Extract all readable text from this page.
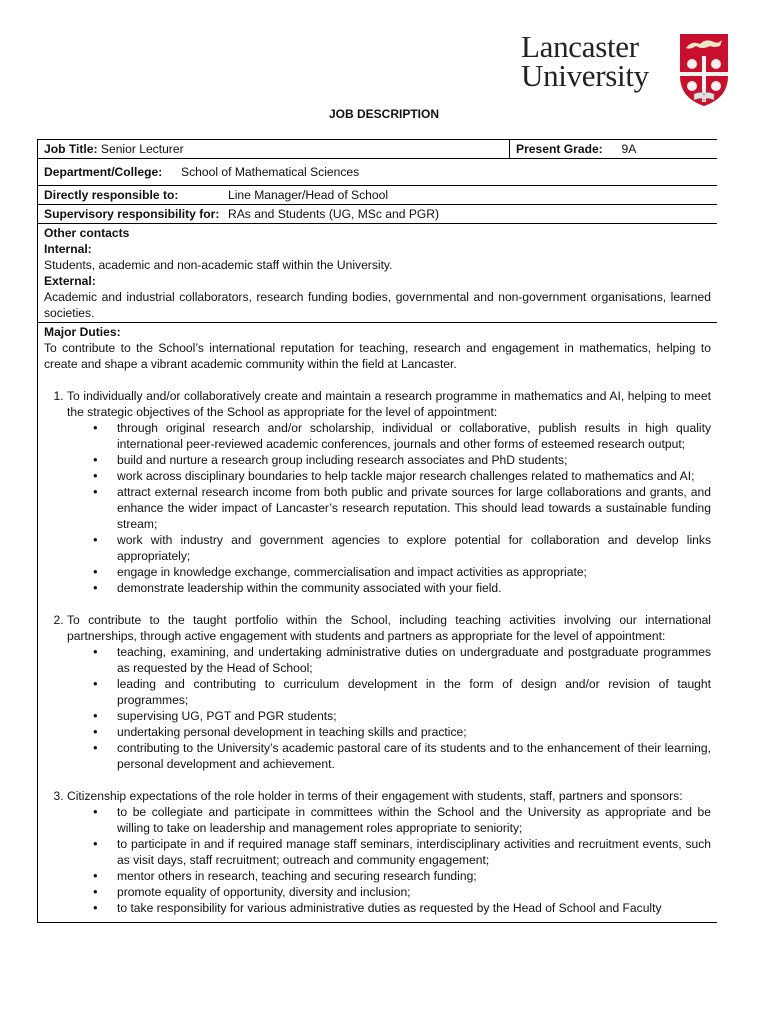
Lancaster
University
JOB DESCRIPTION
Job Title: Senior Lecturer	Present Grade: 9A
Department/College: School of Mathematical Sciences
Directly responsible to:	Line Manager/Head of School
Supervisory responsibility for: RAs and Students (UG, MSc and PGR)

Other contacts
Internal:
Students, academic and non-academic staff within the University.
External:
Academic and industrial collaborators, research funding bodies, governmental and non-government organisations, learned societies.

Major Duties:
To contribute to the School’s international reputation for teaching, research and engagement in mathematics, helping to create and shape a vibrant academic community within the field at Lancaster.
1. To individually and/or collaboratively create and maintain a research programme in mathematics and AI, helping to meet the strategic objectives of the School as appropriate for the level of appointment:
• through original research and/or scholarship, individual or collaborative, publish results in high quality international peer-reviewed academic conferences, journals and other forms of esteemed research output;
• build and nurture a research group including research associates and PhD students;
• work across disciplinary boundaries to help tackle major research challenges related to mathematics and AI;
• attract external research income from both public and private sources for large collaborations and grants, and enhance the wider impact of Lancaster’s research reputation. This should lead towards a sustainable funding stream;
• work with industry and government agencies to explore potential for collaboration and develop links appropriately;
• engage in knowledge exchange, commercialisation and impact activities as appropriate;
• demonstrate leadership within the community associated with your field.
2. To contribute to the taught portfolio within the School, including teaching activities involving our international partnerships, through active engagement with students and partners as appropriate for the level of appointment:
• teaching, examining, and undertaking administrative duties on undergraduate and postgraduate programmes as requested by the Head of School;
• leading and contributing to curriculum development in the form of design and/or revision of taught programmes;
• supervising UG, PGT and PGR students;
• undertaking personal development in teaching skills and practice;
• contributing to the University’s academic pastoral care of its students and to the enhancement of their learning, personal development and achievement.
3. Citizenship expectations of the role holder in terms of their engagement with students, staff, partners and sponsors:
• to be collegiate and participate in committees within the School and the University as appropriate and be willing to take on leadership and management roles appropriate to seniority;
• to participate in and if required manage staff seminars, interdisciplinary activities and recruitment events, such as visit days, staff recruitment; outreach and community engagement;
• mentor others in research, teaching and securing research funding;
• promote equality of opportunity, diversity and inclusion;
• to take responsibility for various administrative duties as requested by the Head of School and Faculty
